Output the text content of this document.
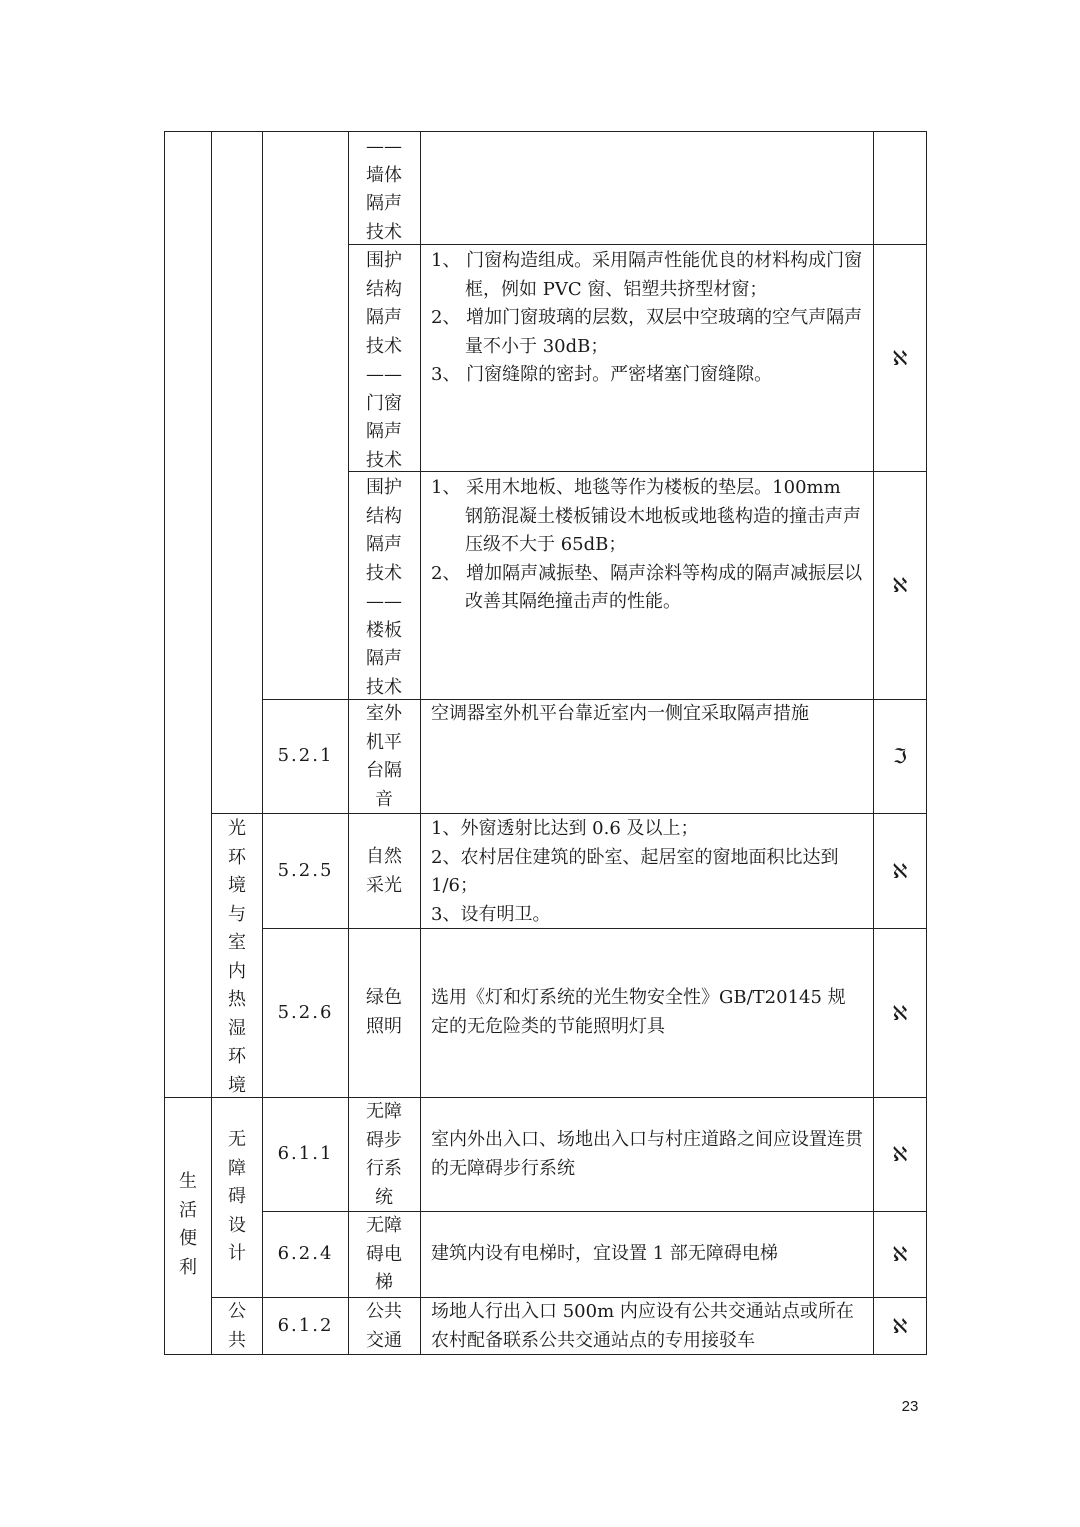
——
墙体
隔声
技术
围护
结构
隔声
技术
——
门窗
隔声
技术
1、 门窗构造组成。采用隔声性能优良的材料构成门窗框，例如 PVC 窗、铝塑共挤型材窗；
2、 增加门窗玻璃的层数，双层中空玻璃的空气声隔声量不小于 30dB；
3、 门窗缝隙的密封。严密堵塞门窗缝隙。
ℵ
围护
结构
隔声
技术
——
楼板
隔声
技术
1、 采用木地板、地毯等作为楼板的垫层。100mm 钢筋混凝土楼板铺设木地板或地毯构造的撞击声声压级不大于 65dB；
2、 增加隔声减振垫、隔声涂料等构成的隔声减振层以改善其隔绝撞击声的性能。
ℵ
5.2.1
室外
机平
台隔
音
空调器室外机平台靠近室内一侧宜采取隔声措施
ℑ
光
环
境
与
室
内
热
湿
环
境
5.2.5
自然
采光
1、外窗透射比达到 0.6 及以上；
2、农村居住建筑的卧室、起居室的窗地面积比达到 1/6；
3、设有明卫。
ℵ
5.2.6
绿色
照明
选用《灯和灯系统的光生物安全性》GB/T20145 规定的无危险类的节能照明灯具
ℵ
生
活
便
利
无
障
碍
设
计
6.1.1
无障
碍步
行系
统
室内外出入口、场地出入口与村庄道路之间应设置连贯的无障碍步行系统
ℵ
6.2.4
无障
碍电
梯
建筑内设有电梯时，宜设置 1 部无障碍电梯	ℵ
公
共
6.1.2
公共
交通
场地人行出入口 500m 内应设有公共交通站点或所在农村配备联系公共交通站点的专用接驳车
ℵ
23
